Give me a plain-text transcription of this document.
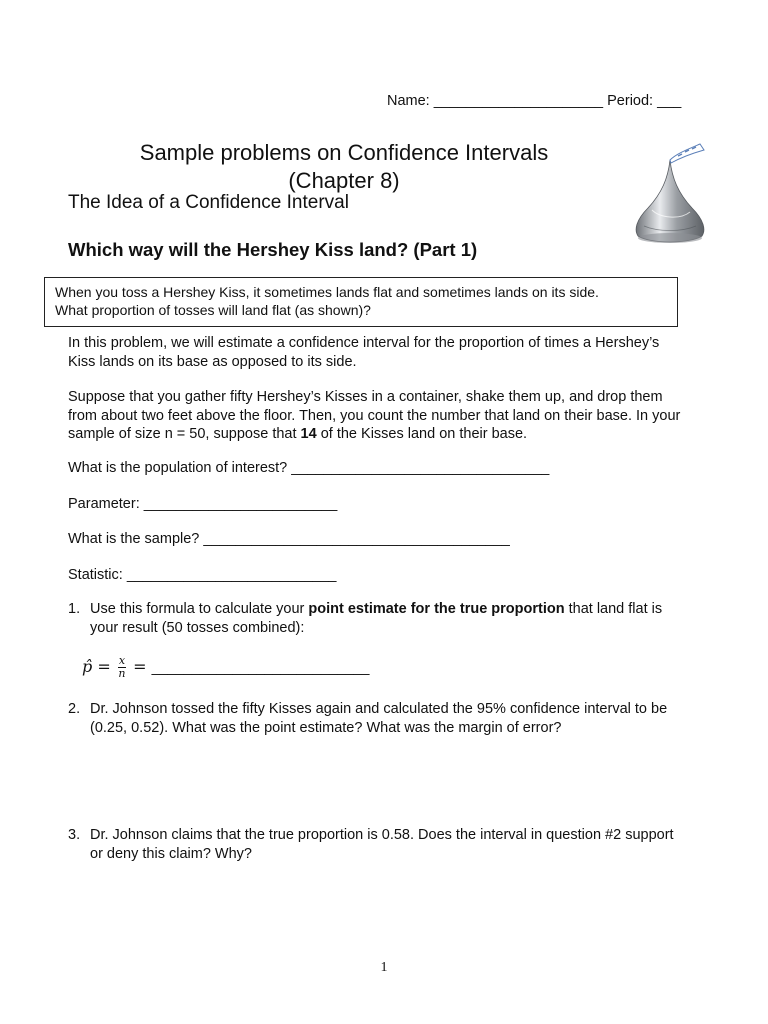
Name: _____________________ Period: ___
Sample problems on Confidence Intervals
(Chapter 8)
The Idea of a Confidence Interval
Which way will the Hershey Kiss land? (Part 1)
When you toss a Hershey Kiss, it sometimes lands flat and sometimes lands on its side.
What proportion of tosses will land flat (as shown)?
In this problem, we will estimate a confidence interval for the proportion of times a Hershey’s Kiss lands on its base as opposed to its side.
Suppose that you gather fifty Hershey’s Kisses in a container, shake them up, and drop them from about two feet above the floor. Then, you count the number that land on their base. In your sample of size n = 50, suppose that 14 of the Kisses land on their base.
What is the population of interest? ________________________________
Parameter: ________________________
What is the sample? ______________________________________
Statistic: __________________________
1. Use this formula to calculate your point estimate for the true proportion that land flat is your result (50 tosses combined):
p̂ = $\frac{x}{n}$ = ___________________________
2. Dr. Johnson tossed the fifty Kisses again and calculated the 95% confidence interval to be (0.25, 0.52). What was the point estimate? What was the margin of error?
3. Dr. Johnson claims that the true proportion is 0.58. Does the interval in question #2 support or deny this claim? Why?
1
